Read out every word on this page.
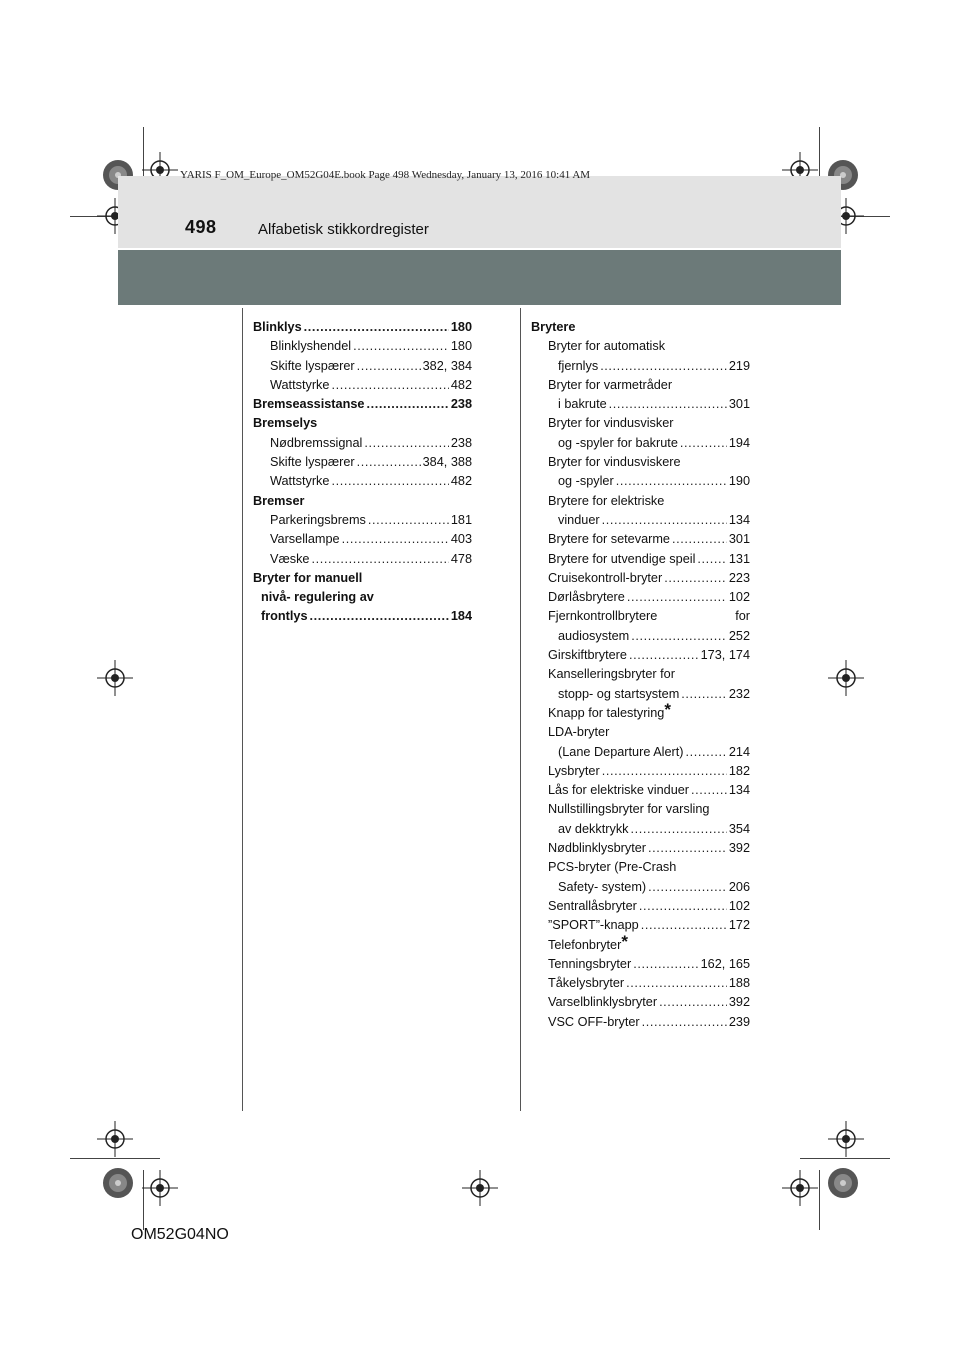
YARIS F_OM_Europe_OM52G04E.book Page 498 Wednesday, January 13, 2016 10:41 AM
498	Alfabetisk stikkordregister
Blinklys .....	180
Blinklyshendel .....	180
Skifte lyspærer .....	382, 384
Wattstyrke .....	482
Bremseassistanse .....	238
Bremselys
Nødbremssignal .....	238
Skifte lyspærer .....	384, 388
Wattstyrke .....	482
Bremser
Parkeringsbrems .....	181
Varsellampe .....	403
Væske .....	478
Bryter for manuell
nivå- regulering av
frontlys .....	184
Brytere
Bryter for automatisk
fjernlys .....	219
Bryter for varmetråder
i bakrute .....	301
Bryter for vindusvisker
og -spyler for bakrute .....	194
Bryter for vindusviskere
og -spyler .....	190
Brytere for elektriske
vinduer .....	134
Brytere for setevarme .....	301
Brytere for utvendige speil .....	131
Cruisekontroll-bryter .....	223
Dørlåsbrytere .....	102
Fjernkontrollbrytere	for
audiosystem .....	252
Girskiftbrytere .....	173, 174
Kanselleringsbryter for
stopp- og startsystem .....	232
Knapp for talestyring*
LDA-bryter
(Lane Departure Alert) .....	214
Lysbryter .....	182
Lås for elektriske vinduer .....	134
Nullstillingsbryter for varsling
av dekktrykk .....	354
Nødblinklysbryter .....	392
PCS-bryter (Pre-Crash
Safety- system) .....	206
Sentrallåsbryter .....	102
”SPORT”-knapp .....	172
Telefonbryter*
Tenningsbryter .....	162, 165
Tåkelysbryter .....	188
Varselblinklysbryter .....	392
VSC OFF-bryter .....	239
OM52G04NO
